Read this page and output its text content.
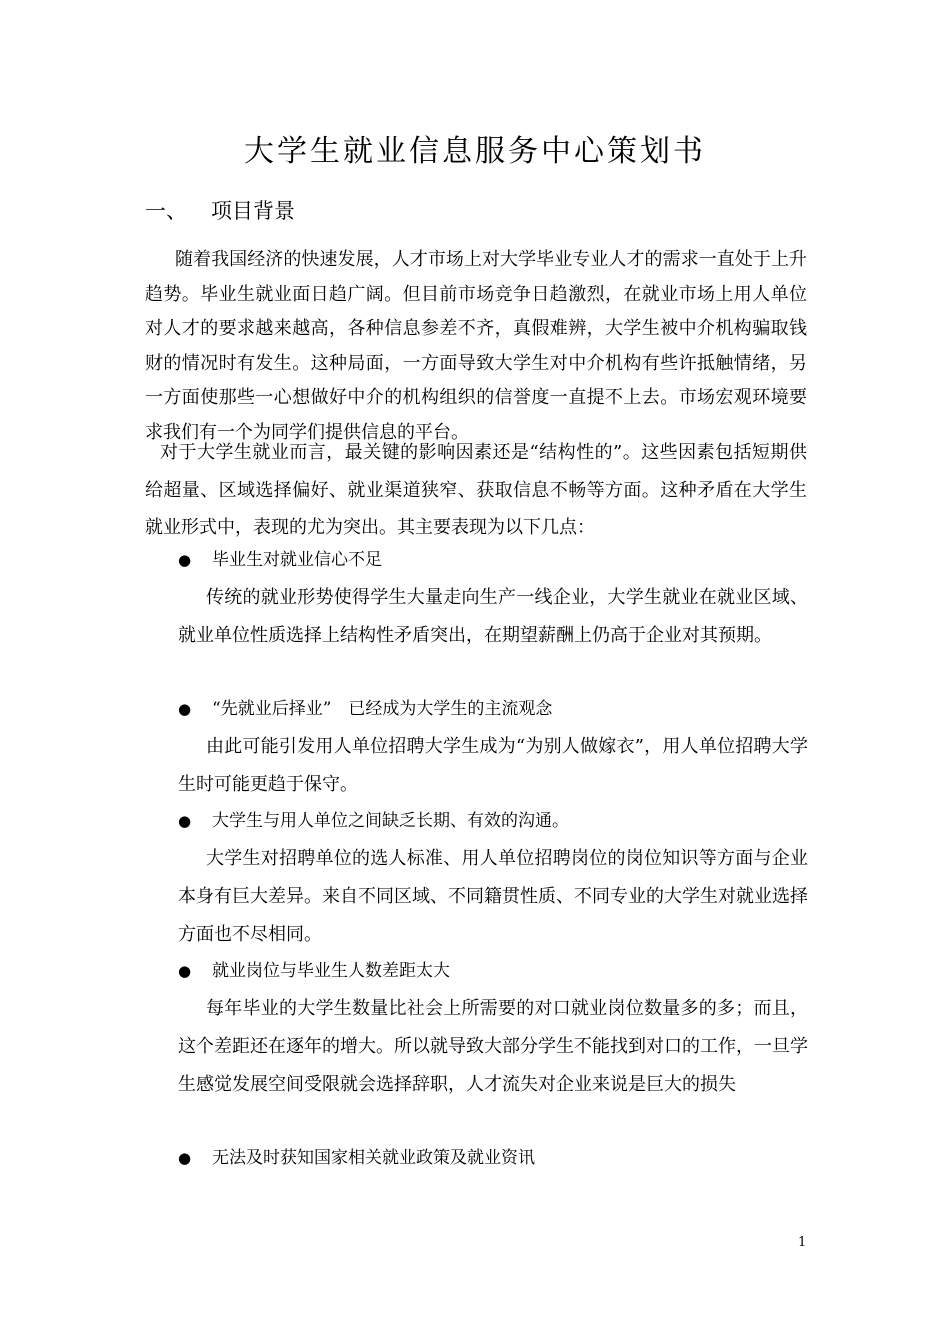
大学生就业信息服务中心策划书
一、 项目背景

随着我国经济的快速发展，人才市场上对大学毕业专业人才的需求一直处于上升趋势。毕业生就业面日趋广阔。但目前市场竞争日趋激烈，在就业市场上用人单位对人才的要求越来越高，各种信息参差不齐，真假难辨，大学生被中介机构骗取钱财的情况时有发生。这种局面，一方面导致大学生对中介机构有些许抵触情绪，另一方面使那些一心想做好中介的机构组织的信誉度一直提不上去。市场宏观环境要求我们有一个为同学们提供信息的平台。

对于大学生就业而言，最关键的影响因素还是“结构性的”。这些因素包括短期供给超量、区域选择偏好、就业渠道狭窄、获取信息不畅等方面。这种矛盾在大学生就业形式中，表现的尤为突出。其主要表现为以下几点：

● 毕业生对就业信心不足

传统的就业形势使得学生大量走向生产一线企业，大学生就业在就业区域、就业单位性质选择上结构性矛盾突出，在期望薪酬上仍高于企业对其预期。

● “先就业后择业”　已经成为大学生的主流观念

由此可能引发用人单位招聘大学生成为“为别人做嫁衣”，用人单位招聘大学生时可能更趋于保守。

● 大学生与用人单位之间缺乏长期、有效的沟通。

大学生对招聘单位的选人标准、用人单位招聘岗位的岗位知识等方面与企业本身有巨大差异。来自不同区域、不同籍贯性质、不同专业的大学生对就业选择方面也不尽相同。

● 就业岗位与毕业生人数差距太大

每年毕业的大学生数量比社会上所需要的对口就业岗位数量多的多；而且，这个差距还在逐年的增大。所以就导致大部分学生不能找到对口的工作，一旦学生感觉发展空间受限就会选择辞职，人才流失对企业来说是巨大的损失

● 无法及时获知国家相关就业政策及就业资讯

1
